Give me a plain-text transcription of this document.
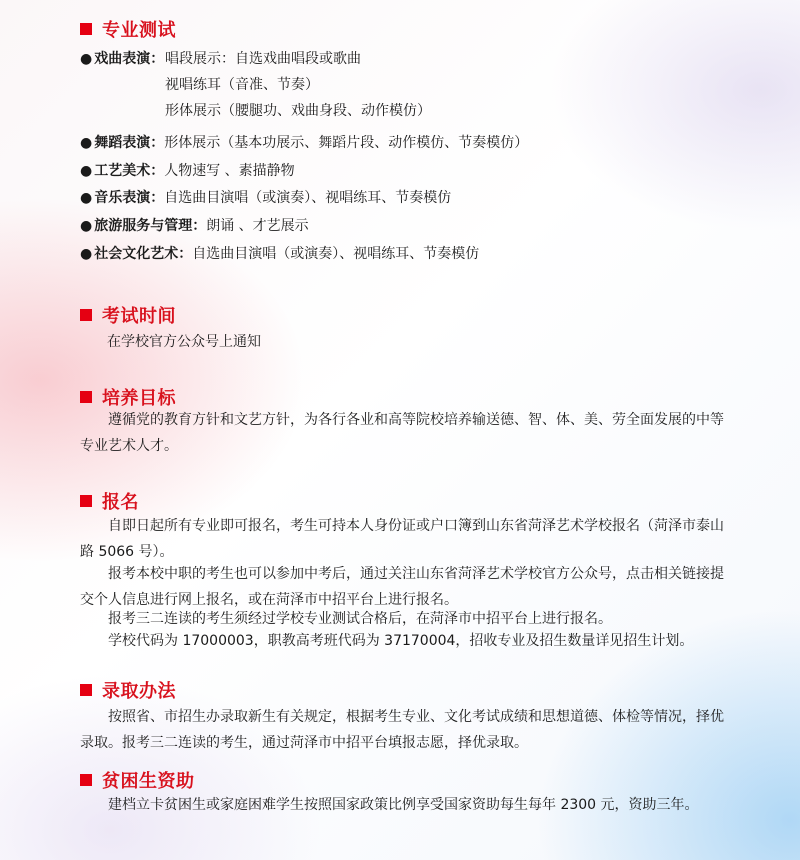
专业测试
● 戏曲表演： 唱段展示：自选戏曲唱段或歌曲
视唱练耳（音准、节奏）
形体展示（腰腿功、戏曲身段、动作模仿）
● 舞蹈表演： 形体展示（基本功展示、舞蹈片段、动作模仿、节奏模仿）
● 工艺美术： 人物速写 、素描静物
● 音乐表演： 自选曲目演唱（或演奏）、视唱练耳、节奏模仿
● 旅游服务与管理： 朗诵 、才艺展示
● 社会文化艺术： 自选曲目演唱（或演奏）、视唱练耳、节奏模仿
考试时间
在学校官方公众号上通知
培养目标
遵循党的教育方针和文艺方针，为各行各业和高等院校培养输送德、智、体、美、劳全面发展的中等专业艺术人才。
报名
自即日起所有专业即可报名，考生可持本人身份证或户口簿到山东省菏泽艺术学校报名（菏泽市泰山路 5066 号）。
报考本校中职的考生也可以参加中考后，通过关注山东省菏泽艺术学校官方公众号，点击相关链接提交个人信息进行网上报名，或在菏泽市中招平台上进行报名。
报考三二连读的考生须经过学校专业测试合格后，在菏泽市中招平台上进行报名。
学校代码为 17000003，职教高考班代码为 37170004，招收专业及招生数量详见招生计划。
录取办法
按照省、市招生办录取新生有关规定，根据考生专业、文化考试成绩和思想道德、体检等情况，择优录取。报考三二连读的考生，通过菏泽市中招平台填报志愿，择优录取。
贫困生资助
建档立卡贫困生或家庭困难学生按照国家政策比例享受国家资助每生每年 2300 元，资助三年。
